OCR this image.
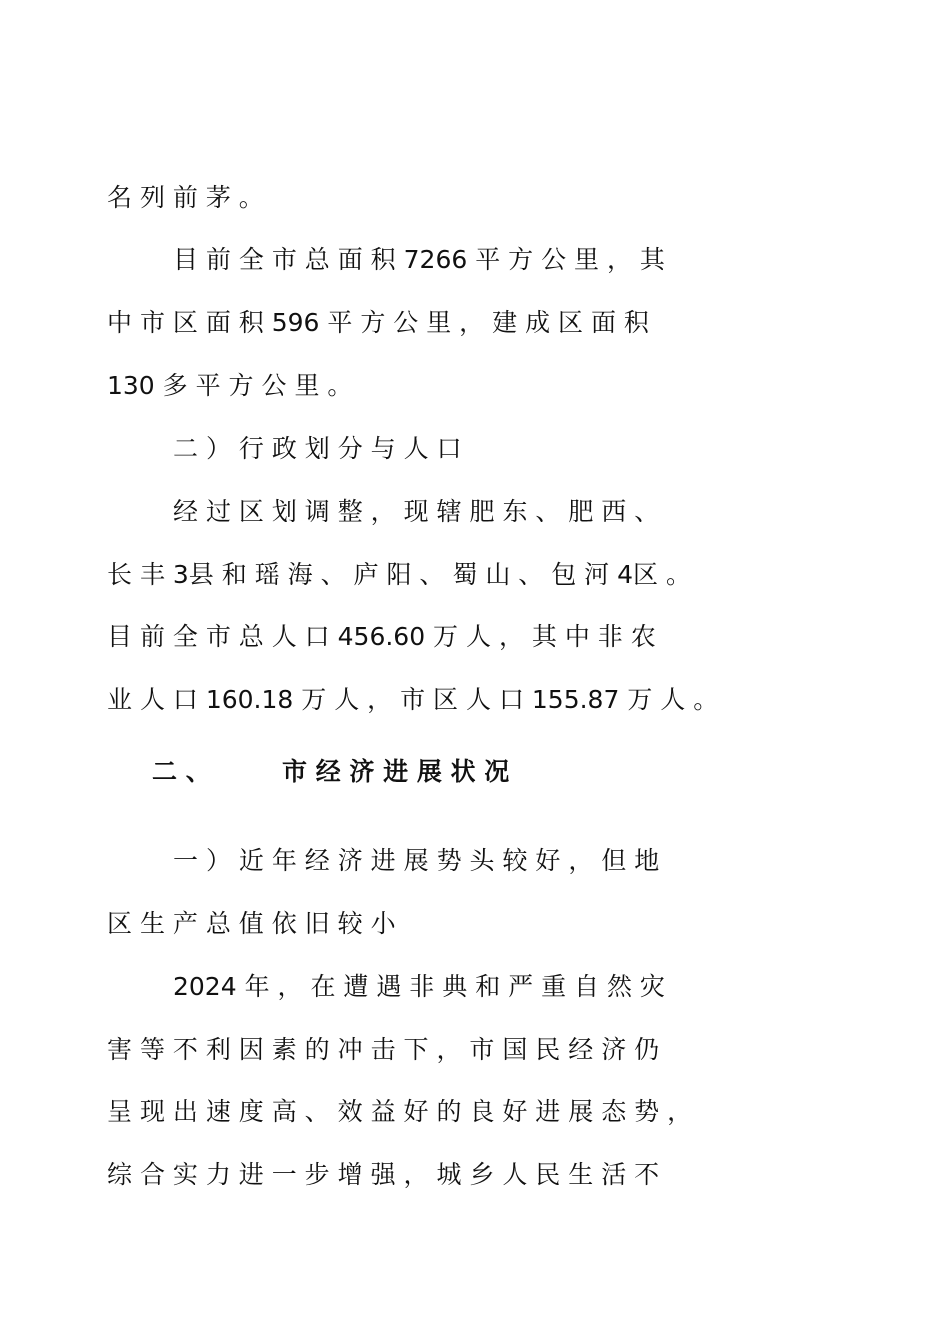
名 列 前 茅 。
目 前 全 市 总 面 积 7266 平 方 公 里 ， 其
中 市 区 面 积 596 平 方 公 里 ， 建 成 区 面 积
130 多 平 方 公 里 。
二 ） 行 政 划 分 与 人 口
经 过 区 划 调 整 ， 现 辖 肥 东 、 肥 西 、
长 丰 3县 和 瑶 海 、 庐 阳 、 蜀 山 、 包 河 4区 。
目 前 全 市 总 人 口 456.60 万 人 ， 其 中 非 农
业 人 口 160.18 万 人 ， 市 区 人 口 155.87 万 人 。
二 、	市 经 济 进 展 状 况
一 ） 近 年 经 济 进 展 势 头 较 好 ， 但 地
区 生 产 总 值 依 旧 较 小
2024 年 ， 在 遭 遇 非 典 和 严 重 自 然 灾
害 等 不 利 因 素 的 冲 击 下 ， 市 国 民 经 济 仍
呈 现 出 速 度 高 、 效 益 好 的 良 好 进 展 态 势 ，
综 合 实 力 进 一 步 增 强 ， 城 乡 人 民 生 活 不
